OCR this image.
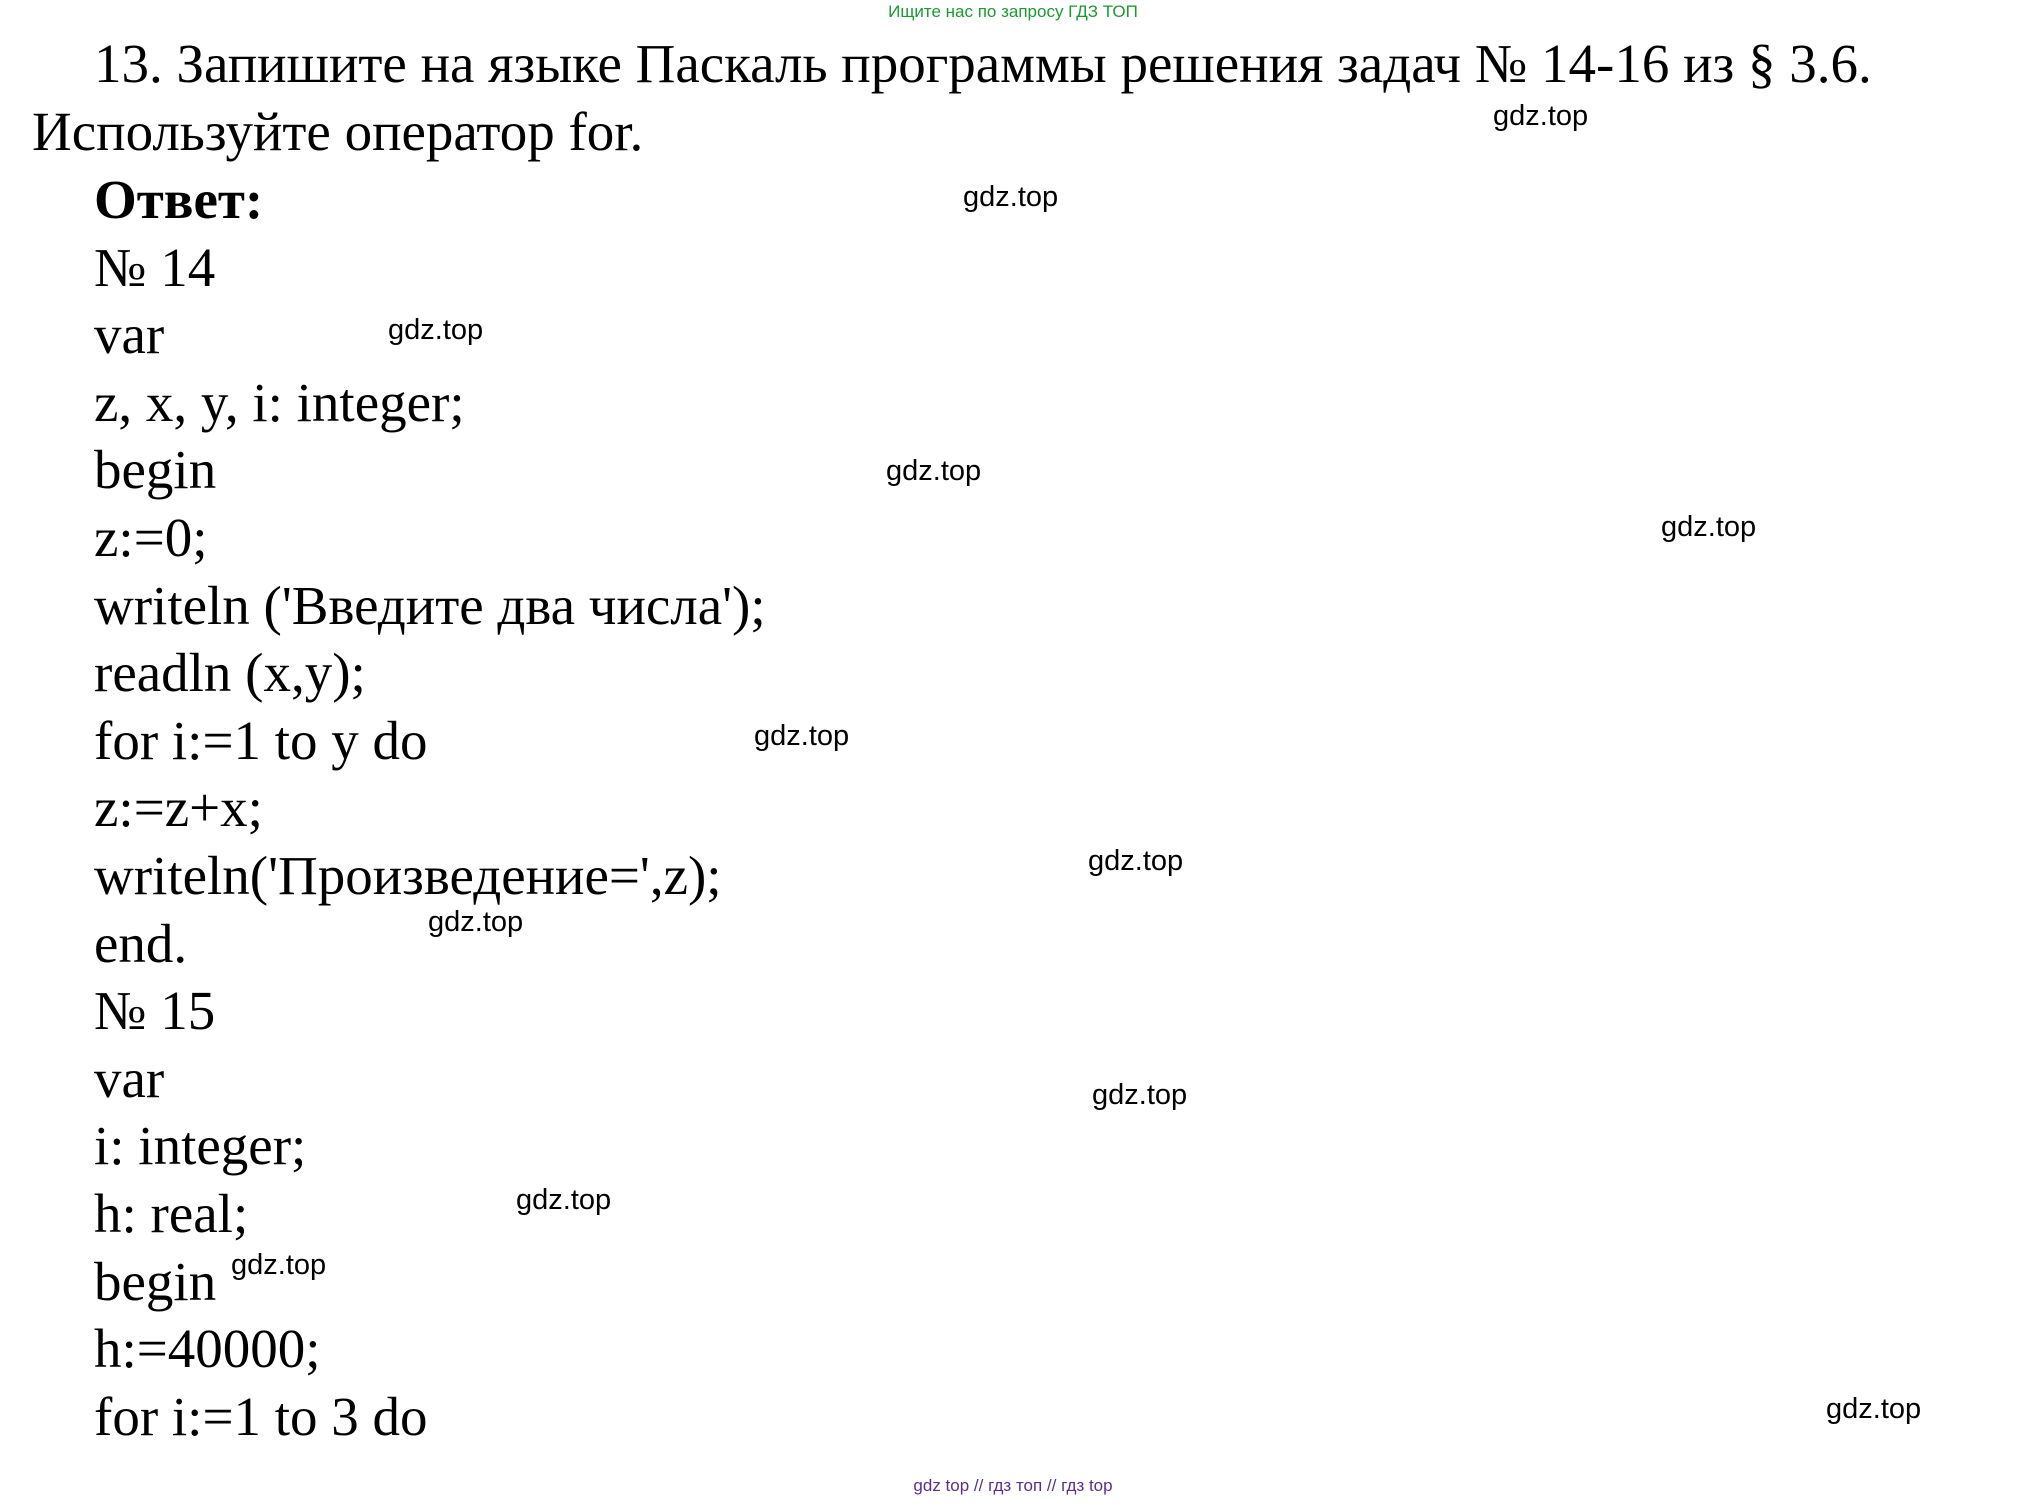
Ищите нас по запросу ГДЗ ТОП
13. Запишите на языке Паскаль программы решения задач № 14-16 из § 3.6.
Используйте оператор for.
Ответ:
№ 14
var
z, x, y, i: integer;
begin
z:=0;
writeln ('Введите два числа');
readln (x,y);
for i:=1 to y do
z:=z+x;
writeln('Произведение=',z);
end.
№ 15
var
i: integer;
h: real;
begin
h:=40000;
for i:=1 to 3 do
gdz.top
gdz.top
gdz.top
gdz.top
gdz.top
gdz.top
gdz.top
gdz.top
gdz.top
gdz.top
gdz.top
gdz.top
gdz top // гдз топ // гдз top
